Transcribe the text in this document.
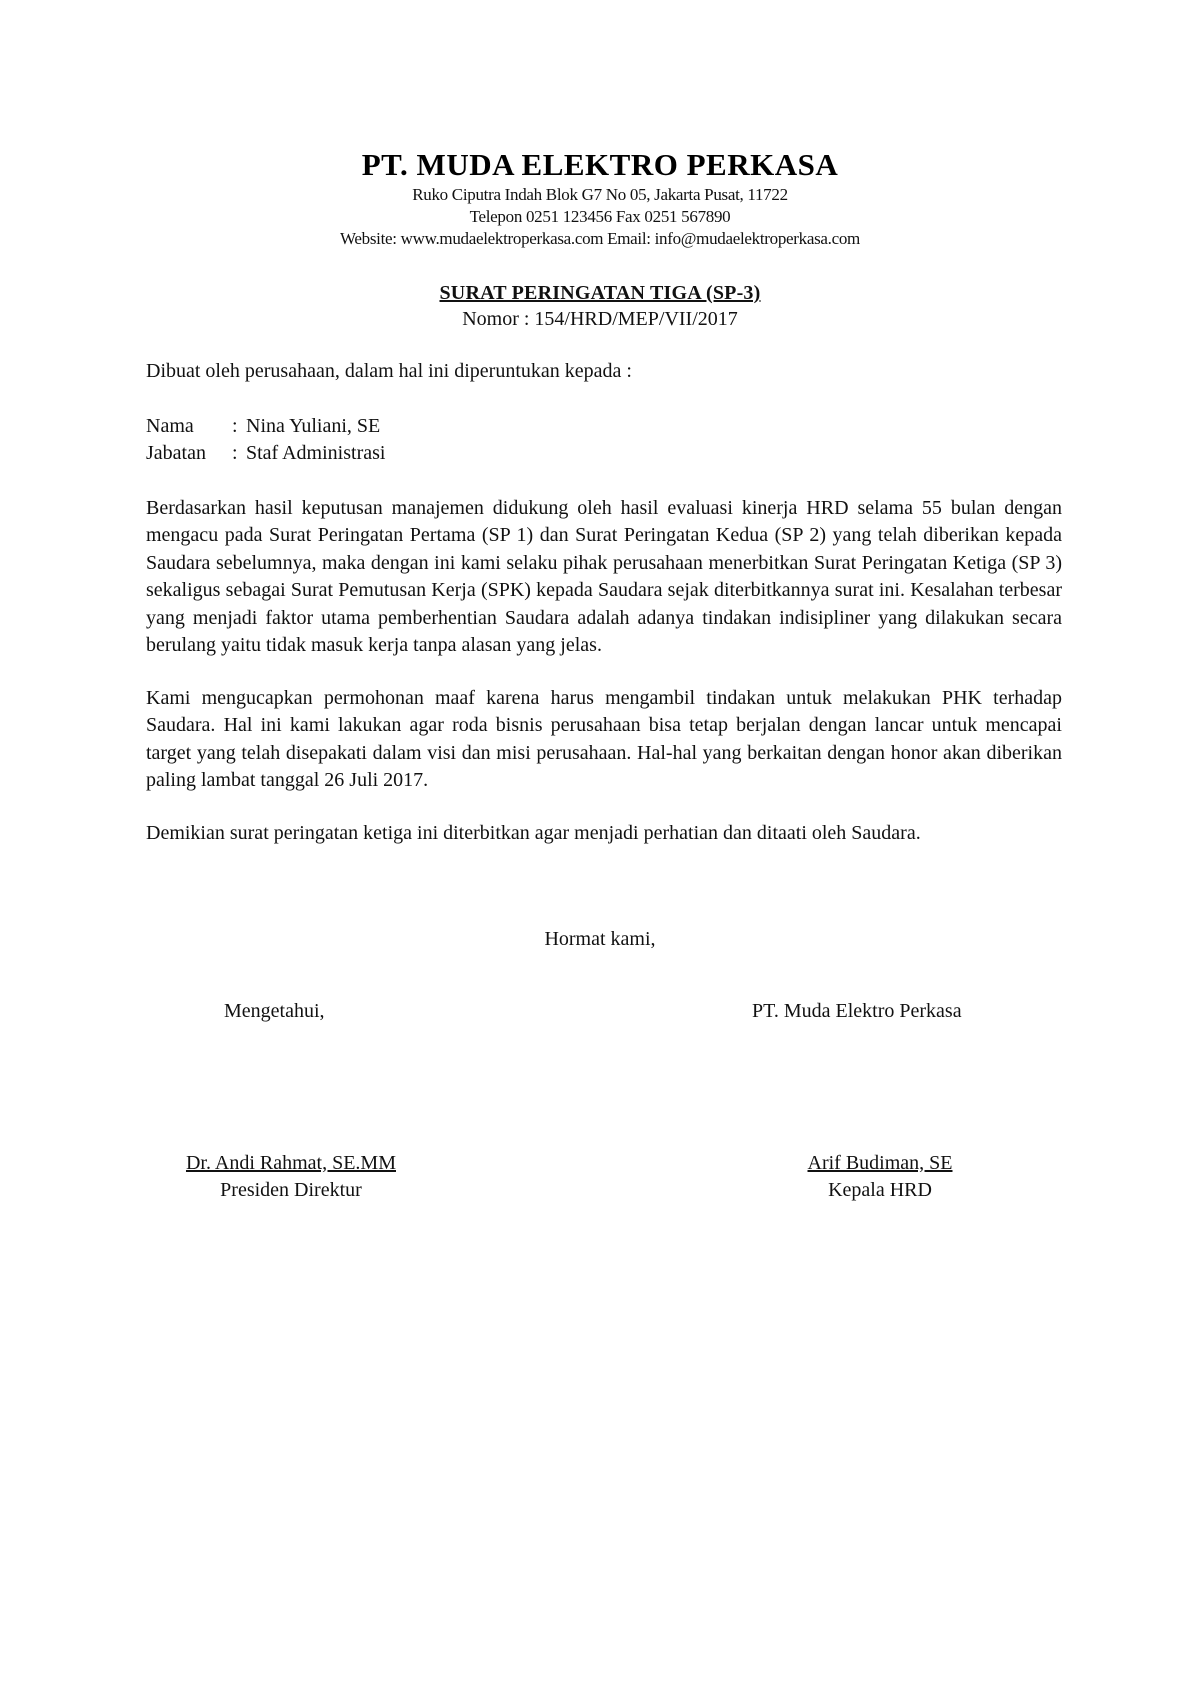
PT. MUDA ELEKTRO PERKASA
Ruko Ciputra Indah Blok G7 No 05, Jakarta Pusat, 11722
Telepon 0251 123456 Fax 0251 567890
Website: www.mudaelektroperkasa.com Email: info@mudaelektroperkasa.com
SURAT PERINGATAN TIGA (SP-3)
Nomor : 154/HRD/MEP/VII/2017

Dibuat oleh perusahaan, dalam hal ini diperuntukan kepada :

Nama	: Nina Yuliani, SE
Jabatan	: Staf Administrasi

Berdasarkan hasil keputusan manajemen didukung oleh hasil evaluasi kinerja HRD selama 55 bulan dengan mengacu pada Surat Peringatan Pertama (SP 1) dan Surat Peringatan Kedua (SP 2) yang telah diberikan kepada Saudara sebelumnya, maka dengan ini kami selaku pihak perusahaan menerbitkan Surat Peringatan Ketiga (SP 3) sekaligus sebagai Surat Pemutusan Kerja (SPK) kepada Saudara sejak diterbitkannya surat ini. Kesalahan terbesar yang menjadi faktor utama pemberhentian Saudara adalah adanya tindakan indisipliner yang dilakukan secara berulang yaitu tidak masuk kerja tanpa alasan yang jelas.

Kami mengucapkan permohonan maaf karena harus mengambil tindakan untuk melakukan PHK terhadap Saudara. Hal ini kami lakukan agar roda bisnis perusahaan bisa tetap berjalan dengan lancar untuk mencapai target yang telah disepakati dalam visi dan misi perusahaan. Hal-hal yang berkaitan dengan honor akan diberikan paling lambat tanggal 26 Juli 2017.

Demikian surat peringatan ketiga ini diterbitkan agar menjadi perhatian dan ditaati oleh Saudara.

Hormat kami,
Mengetahui,	PT. Muda Elektro Perkasa
Dr. Andi Rahmat, SE.MM
Presiden Direktur
Arif Budiman, SE
Kepala HRD
